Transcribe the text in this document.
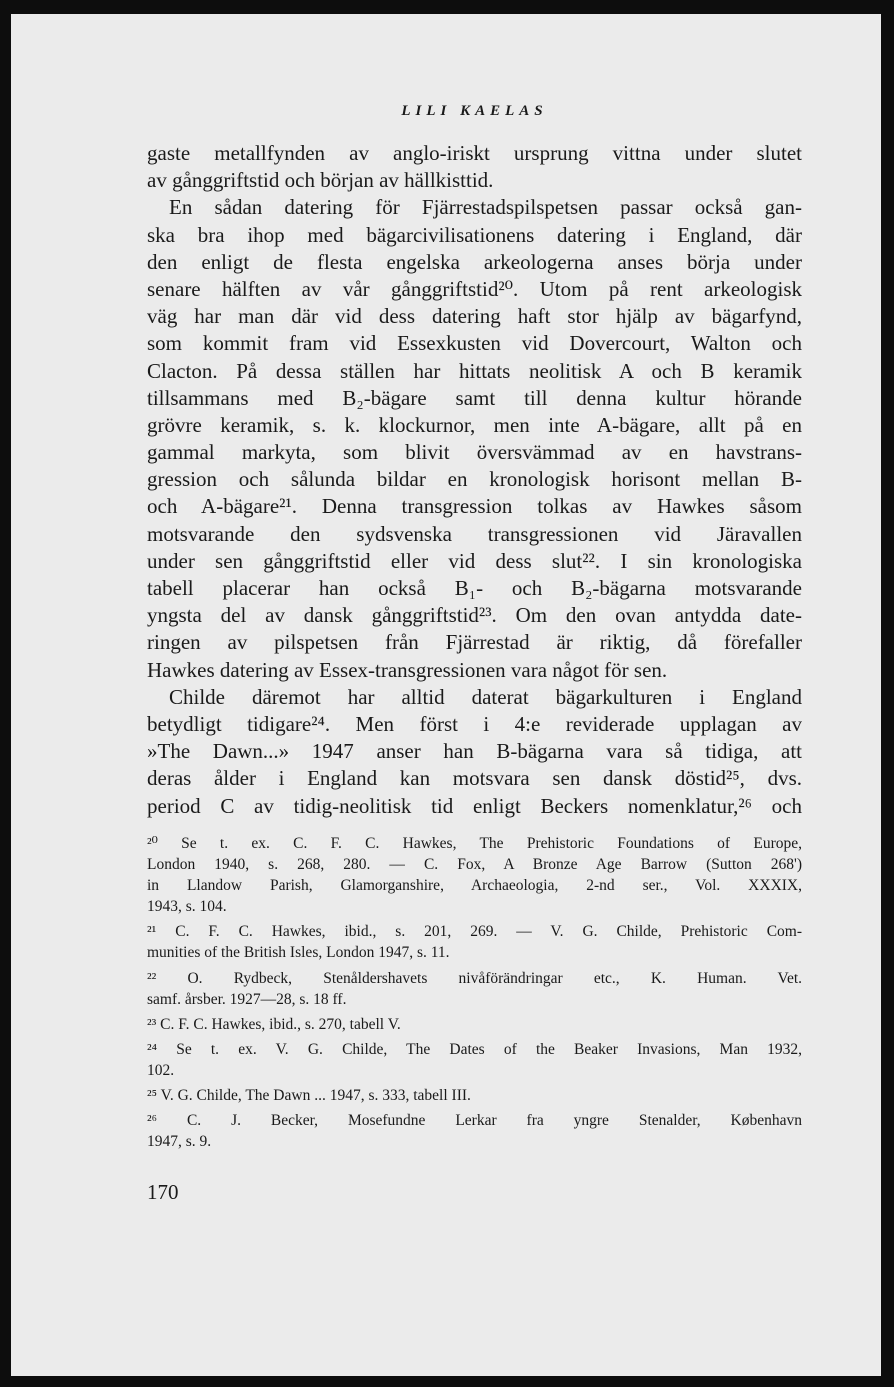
LILI KAELAS
gaste metallfynden av anglo-iriskt ursprung vittna under slutet
av gånggriftstid och början av hällkisttid.
En sådan datering för Fjärrestadspilspetsen passar också gan-
ska bra ihop med bägarcivilisationens datering i England, där
den enligt de flesta engelska arkeologerna anses börja under
senare hälften av vår gånggriftstid²⁰. Utom på rent arkeologisk
väg har man där vid dess datering haft stor hjälp av bägarfynd,
som kommit fram vid Essexkusten vid Dovercourt, Walton och
Clacton. På dessa ställen har hittats neolitisk A och B keramik
tillsammans med B₂-bägare samt till denna kultur hörande
grövre keramik, s. k. klockurnor, men inte A-bägare, allt på en
gammal markyta, som blivit översvämmad av en havstrans-
gression och sålunda bildar en kronologisk horisont mellan B-
och A-bägare²¹. Denna transgression tolkas av Hawkes såsom
motsvarande den sydsvenska transgressionen vid Järavallen
under sen gånggriftstid eller vid dess slut²². I sin kronologiska
tabell placerar han också B₁- och B₂-bägarna motsvarande
yngsta del av dansk gånggriftstid²³. Om den ovan antydda date-
ringen av pilspetsen från Fjärrestad är riktig, då förefaller
Hawkes datering av Essex-transgressionen vara något för sen.
Childe däremot har alltid daterat bägarkulturen i England
betydligt tidigare²⁴. Men först i 4:e reviderade upplagan av
»The Dawn...» 1947 anser han B-bägarna vara så tidiga, att
deras ålder i England kan motsvara sen dansk döstid²⁵, dvs.
period C av tidig-neolitisk tid enligt Beckers nomenklatur,²⁶ och
²⁰ Se t. ex. C. F. C. Hawkes, The Prehistoric Foundations of Europe,
London 1940, s. 268, 280. — C. Fox, A Bronze Age Barrow (Sutton 268')
in Llandow Parish, Glamorganshire, Archaeologia, 2-nd ser., Vol. XXXIX,
1943, s. 104.
²¹ C. F. C. Hawkes, ibid., s. 201, 269. — V. G. Childe, Prehistoric Com-
munities of the British Isles, London 1947, s. 11.
²² O. Rydbeck, Stenåldershavets nivåförändringar etc., K. Human. Vet.
samf. årsber. 1927—28, s. 18 ff.
²³ C. F. C. Hawkes, ibid., s. 270, tabell V.
²⁴ Se t. ex. V. G. Childe, The Dates of the Beaker Invasions, Man 1932,
102.
²⁵ V. G. Childe, The Dawn ... 1947, s. 333, tabell III.
²⁶ C. J. Becker, Mosefundne Lerkar fra yngre Stenalder, København
1947, s. 9.
170
